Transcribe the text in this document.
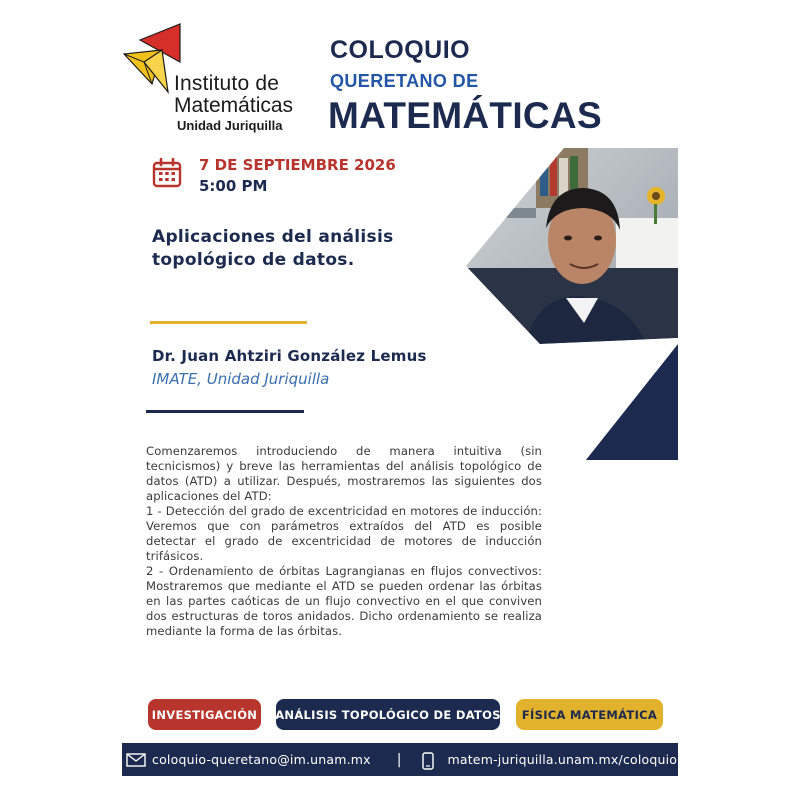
Instituto de
Matemáticas
Unidad Juriquilla
COLOQUIO
QUERETANO DE
MATEMÁTICAS
7 DE SEPTIEMBRE 2026
5:00 PM
Aplicaciones del análisis topológico de datos.
Dr. Juan Ahtziri González Lemus
IMATE, Unidad Juriquilla

Comenzaremos introduciendo de manera intuitiva (sin tecnicismos) y breve las herramientas del análisis topológico de datos (ATD) a utilizar. Después, mostraremos las siguientes dos aplicaciones del ATD:

1 - Detección del grado de excentricidad en motores de inducción: Veremos que con parámetros extraídos del ATD es posible detectar el grado de excentricidad de motores de inducción trifásicos.

2 - Ordenamiento de órbitas Lagrangianas en flujos convectivos: Mostraremos que mediante el ATD se pueden ordenar las órbitas en las partes caóticas de un flujo convectivo en el que conviven dos estructuras de toros anidados. Dicho ordenamiento se realiza mediante la forma de las órbitas.

INVESTIGACIÓN	ANÁLISIS TOPOLÓGICO DE DATOS	FÍSICA MATEMÁTICA
coloquio-queretano@im.unam.mx |	matem-juriquilla.unam.mx/coloquio
